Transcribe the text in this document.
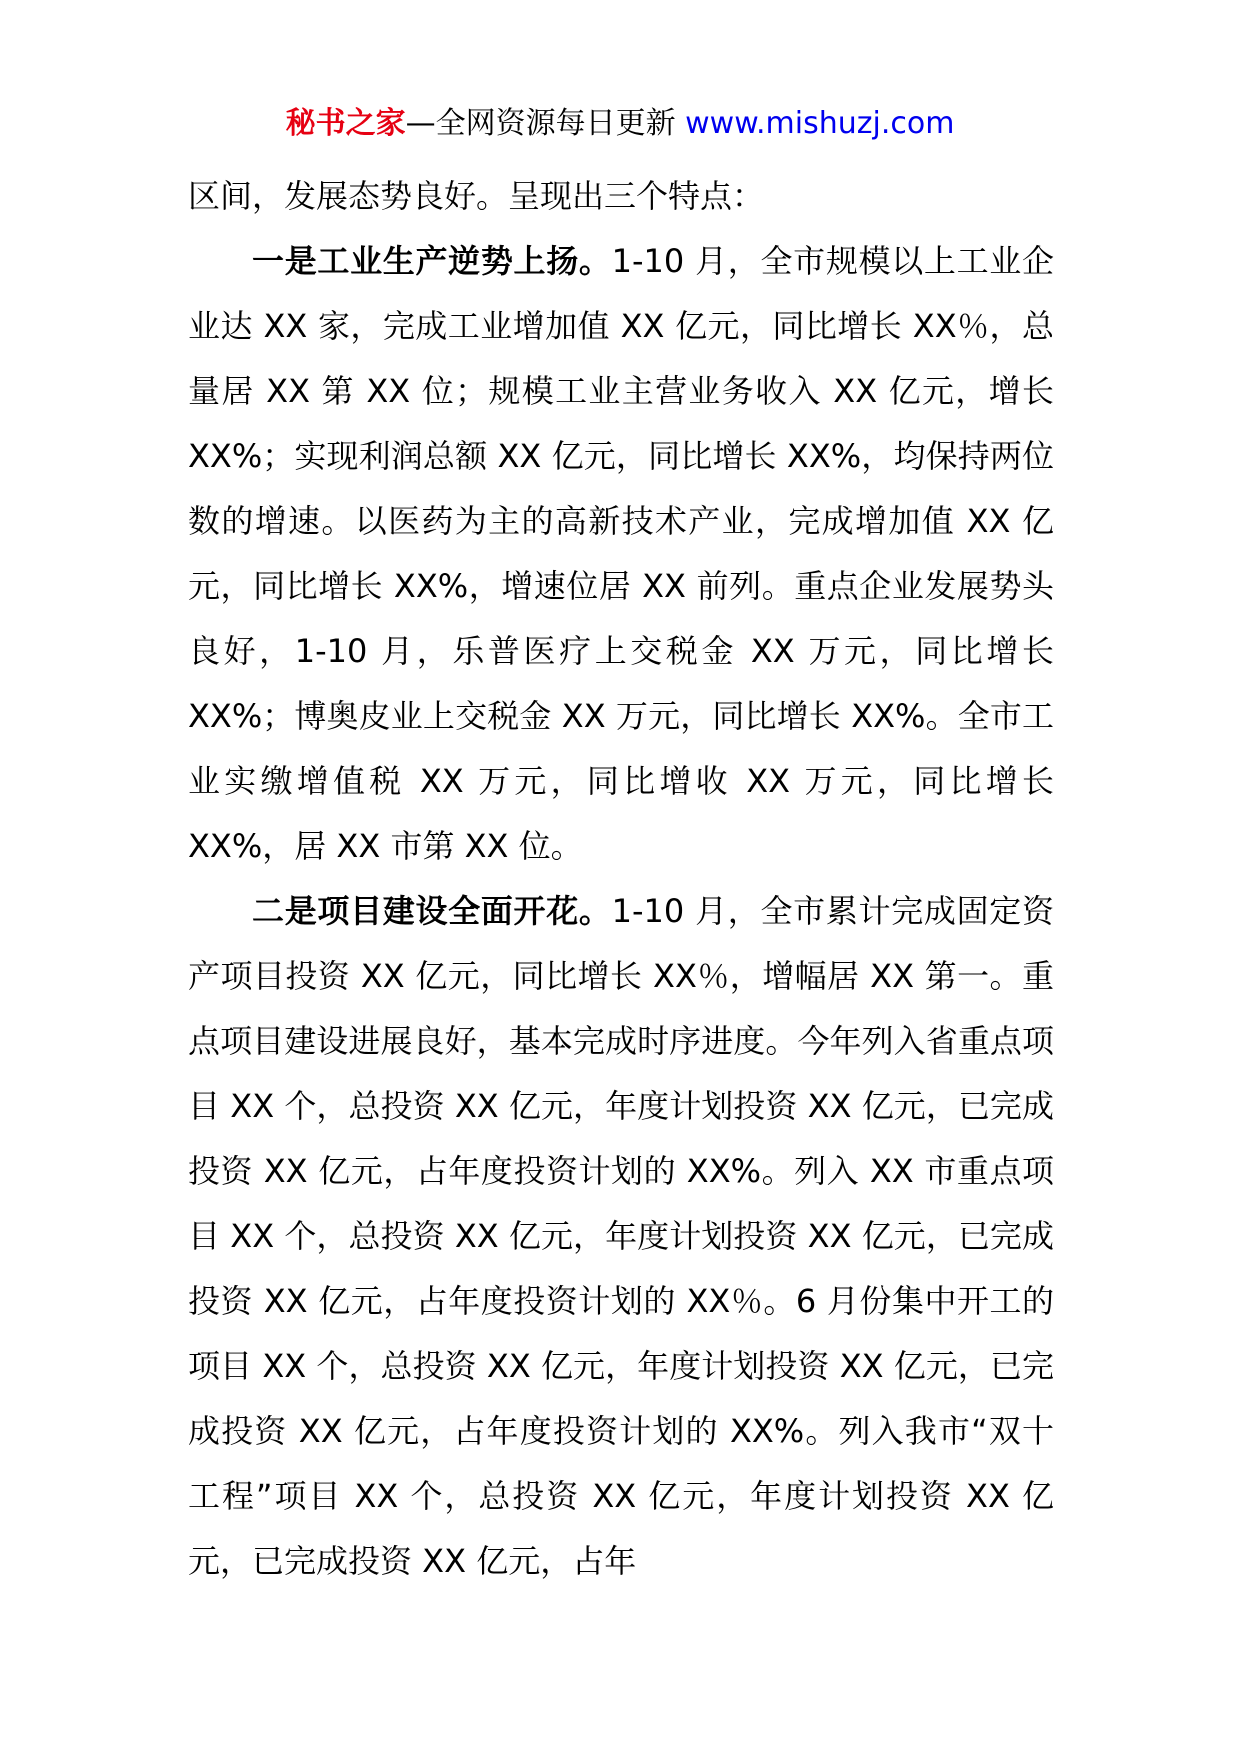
秘书之家—全网资源每日更新 www.mishuzj.com

区间，发展态势良好。呈现出三个特点：

一是工业生产逆势上扬。1-10 月，全市规模以上工业企业达 XX 家，完成工业增加值 XX 亿元，同比增长 XX％，总量居 XX 第 XX 位；规模工业主营业务收入 XX 亿元，增长 XX%；实现利润总额 XX 亿元，同比增长 XX%，均保持两位数的增速。以医药为主的高新技术产业，完成增加值 XX 亿元，同比增长 XX%，增速位居 XX 前列。重点企业发展势头良好，1-10 月，乐普医疗上交税金 XX 万元，同比增长 XX%；博奥皮业上交税金 XX 万元，同比增长 XX%。全市工业实缴增值税 XX 万元，同比增收 XX 万元，同比增长 XX%，居 XX 市第 XX 位。

二是项目建设全面开花。1-10 月，全市累计完成固定资产项目投资 XX 亿元，同比增长 XX％，增幅居 XX 第一。重点项目建设进展良好，基本完成时序进度。今年列入省重点项目 XX 个，总投资 XX 亿元，年度计划投资 XX 亿元，已完成投资 XX 亿元，占年度投资计划的 XX%。列入 XX 市重点项目 XX 个，总投资 XX 亿元，年度计划投资 XX 亿元，已完成投资 XX 亿元，占年度投资计划的 XX％。6 月份集中开工的项目 XX 个，总投资 XX 亿元，年度计划投资 XX 亿元，已完成投资 XX 亿元，占年度投资计划的 XX%。列入我市“双十工程”项目 XX 个，总投资 XX 亿元，年度计划投资 XX 亿元，已完成投资 XX 亿元，占年
